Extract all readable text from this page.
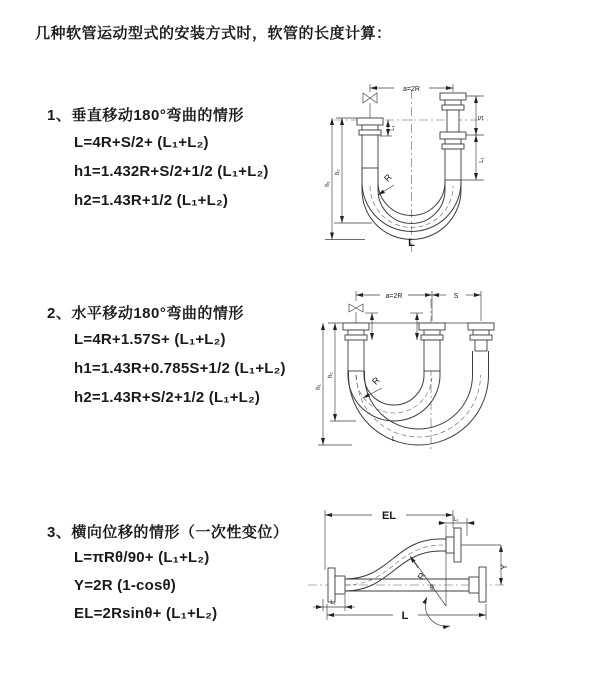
几种软管运动型式的安装方式时，软管的长度计算：
1、垂直移动180°弯曲的情形
L=4R+S/2+ (L₁+L₂)
h1=1.432R+S/2+1/2 (L₁+L₂)
h2=1.43R+1/2 (L₁+L₂)
2、水平移动180°弯曲的情形
L=4R+1.57S+ (L₁+L₂)
h1=1.43R+0.785S+1/2 (L₁+L₂)
h2=1.43R+S/2+1/2 (L₁+L₂)
3、横向位移的情形（一次性变位）
L=πRθ/90+ (L₁+L₂)
Y=2R (1-cosθ)
EL=2Rsinθ+ (L₁+L₂)
a=2R
S
L₁
h₂
h₁
L₁
R
L
a=2R	S
h₁
h₂
R
L
EL	L₁
θ
R
Y
L
L₁
